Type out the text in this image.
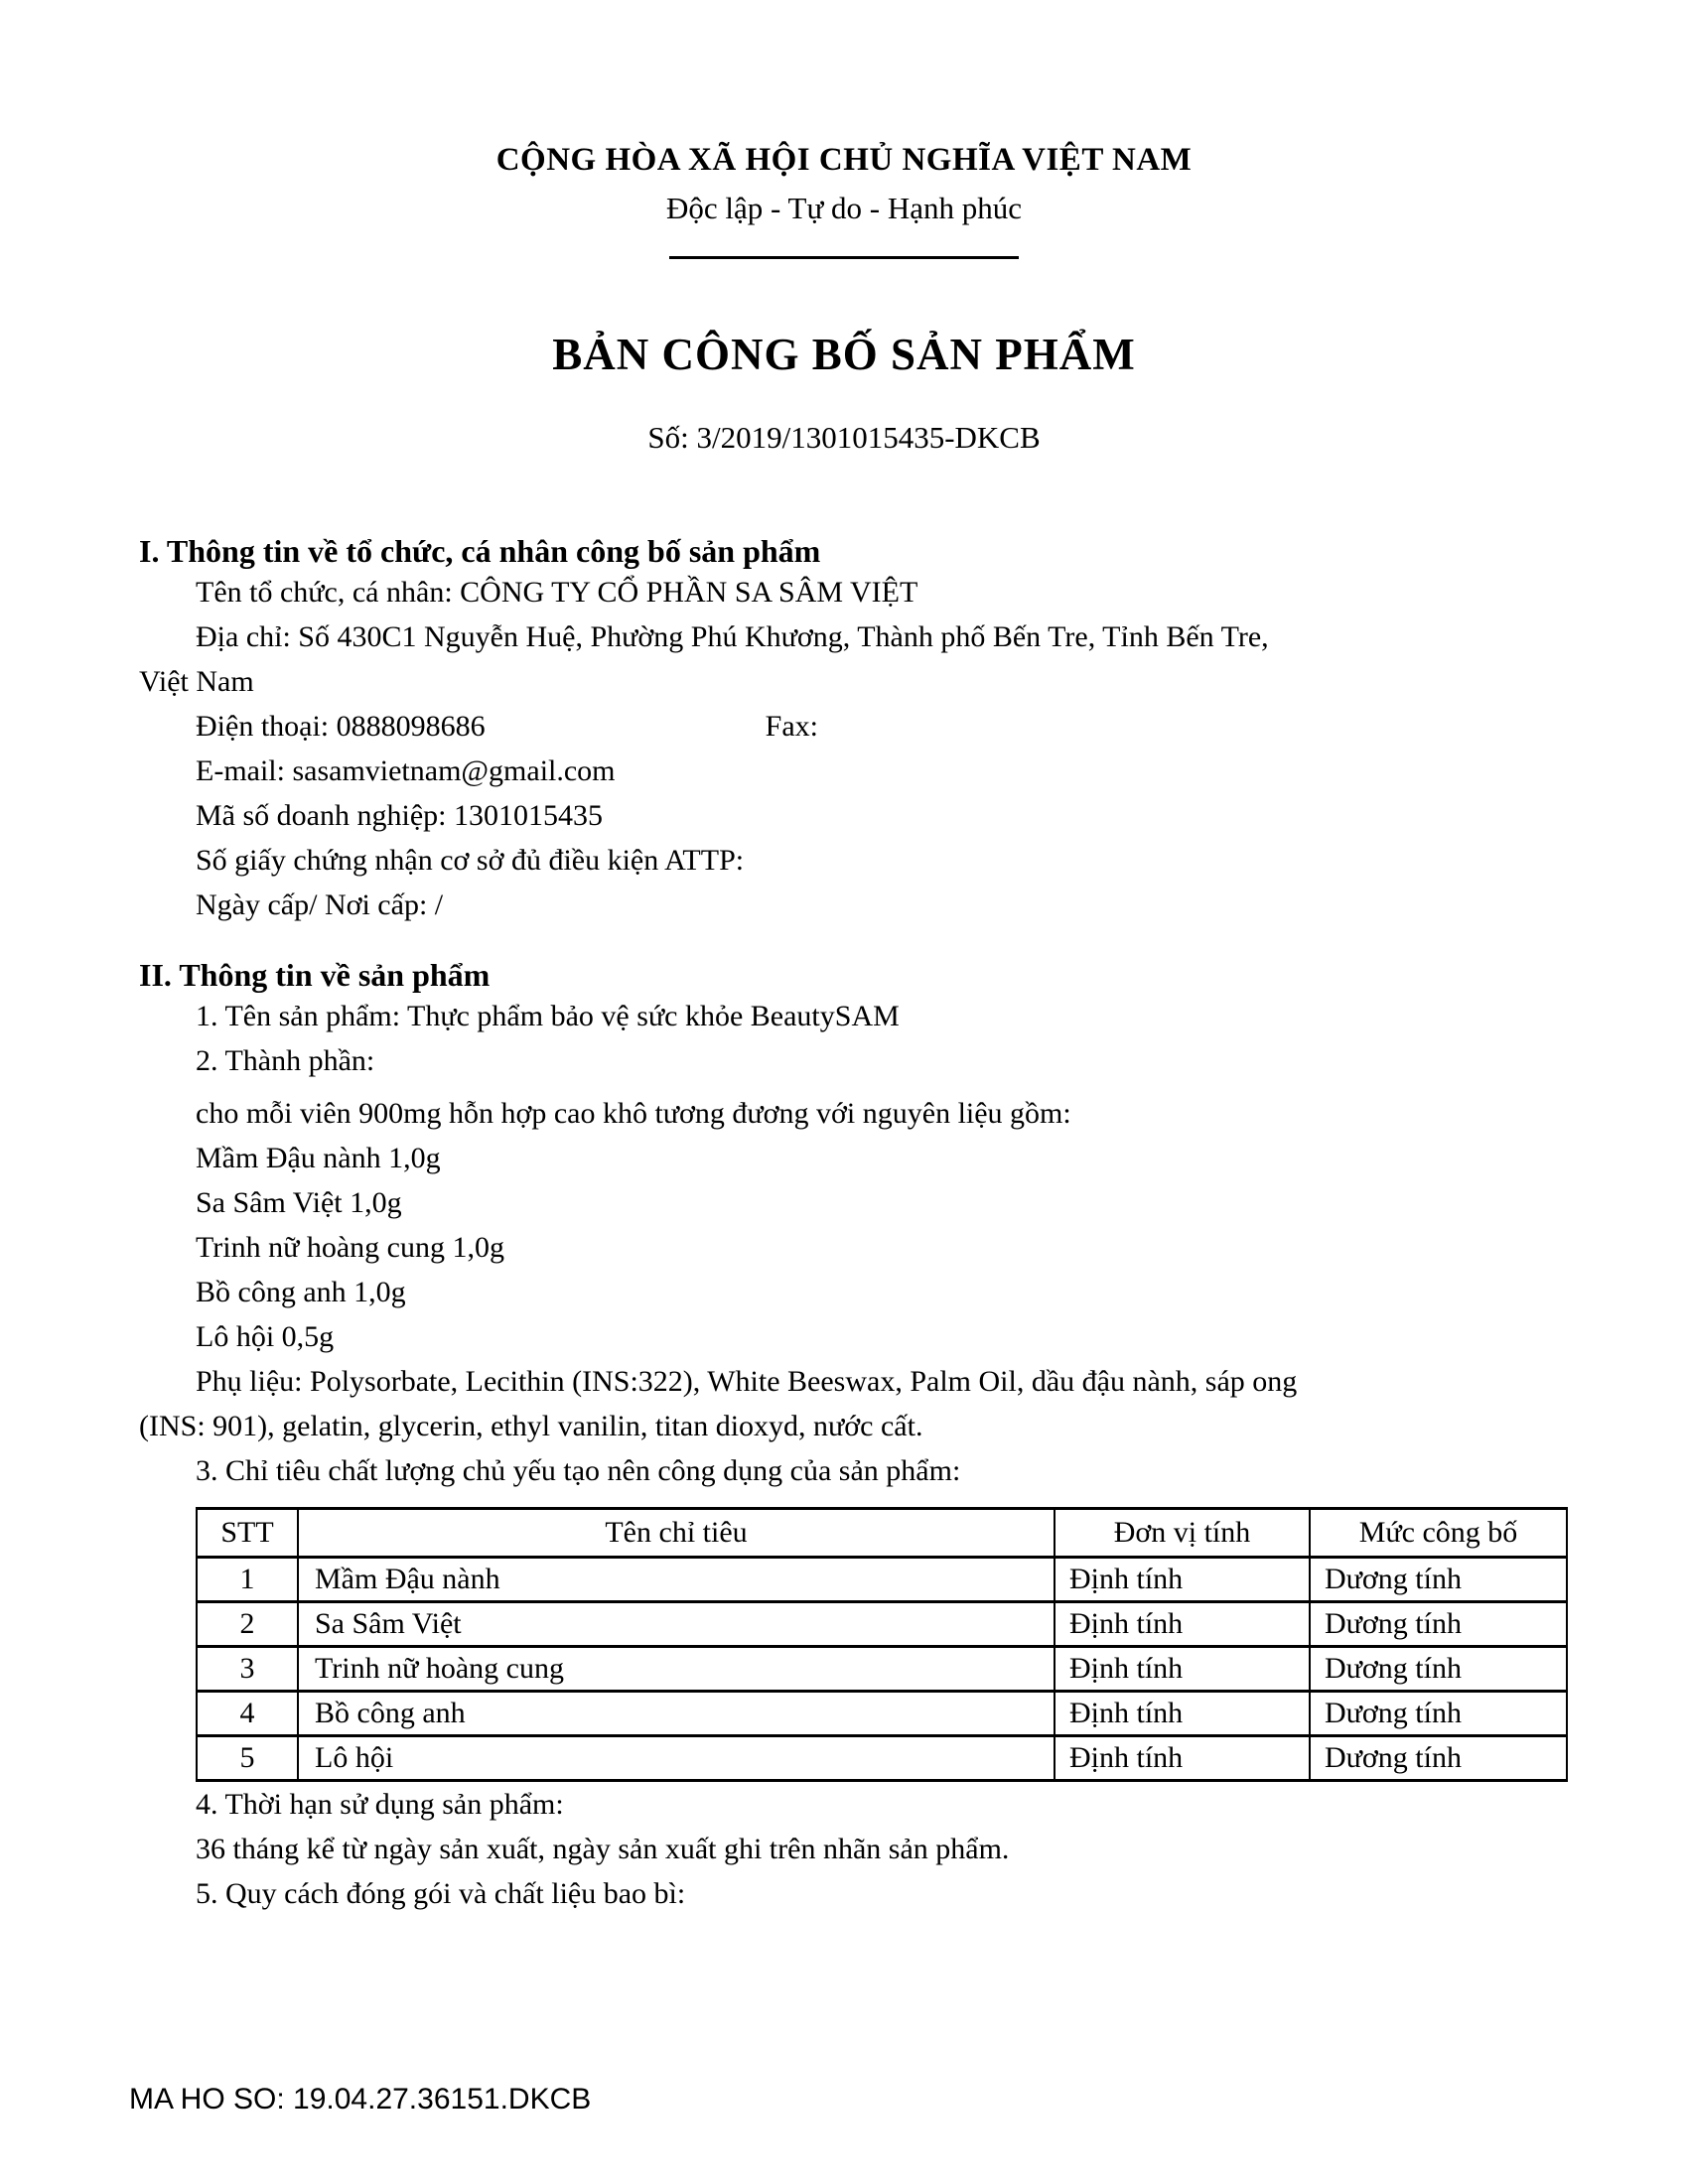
CỘNG HÒA XÃ HỘI CHỦ NGHĨA VIỆT NAM
Độc lập - Tự do - Hạnh phúc
BẢN CÔNG BỐ SẢN PHẨM
Số: 3/2019/1301015435-DKCB
I. Thông tin về tổ chức, cá nhân công bố sản phẩm

Tên tổ chức, cá nhân: CÔNG TY CỔ PHẦN SA SÂM VIỆT

Địa chỉ: Số 430C1 Nguyễn Huệ, Phường Phú Khương, Thành phố Bến Tre, Tỉnh Bến Tre,
Việt Nam

Điện thoại: 0888098686	Fax:

E-mail: sasamvietnam@gmail.com

Mã số doanh nghiệp: 1301015435

Số giấy chứng nhận cơ sở đủ điều kiện ATTP:

Ngày cấp/ Nơi cấp: /

II. Thông tin về sản phẩm

1. Tên sản phẩm: Thực phẩm bảo vệ sức khỏe BeautySAM

2. Thành phần:

cho mỗi viên 900mg hỗn hợp cao khô tương đương với nguyên liệu gồm:
Mầm Đậu nành 1,0g
Sa Sâm Việt 1,0g
Trinh nữ hoàng cung 1,0g
Bồ công anh 1,0g
Lô hội 0,5g
Phụ liệu: Polysorbate, Lecithin (INS:322), White Beeswax, Palm Oil, dầu đậu nành, sáp ong
(INS: 901), gelatin, glycerin, ethyl vanilin, titan dioxyd, nước cất.

3. Chỉ tiêu chất lượng chủ yếu tạo nên công dụng của sản phẩm:

STT	Tên chỉ tiêu	Đơn vị tính	Mức công bố
1	Mầm Đậu nành	Định tính	Dương tính
2	Sa Sâm Việt	Định tính	Dương tính
3	Trinh nữ hoàng cung	Định tính	Dương tính
4	Bồ công anh	Định tính	Dương tính
5	Lô hội	Định tính	Dương tính

4. Thời hạn sử dụng sản phẩm:

36 tháng kể từ ngày sản xuất, ngày sản xuất ghi trên nhãn sản phẩm.

5. Quy cách đóng gói và chất liệu bao bì:

MA HO SO: 19.04.27.36151.DKCB
